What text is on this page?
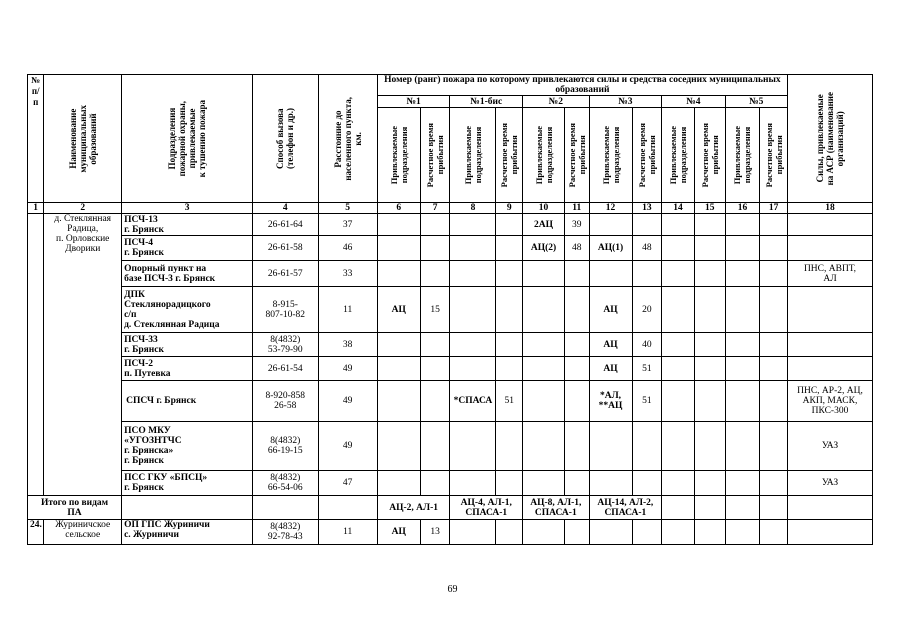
№
п/п	Наименование
муниципальных
образований	Подразделения
пожарной охраны,
привлекаемые
к тушению пожара	Способ вызова
(телефон и др.)	Расстояние до
населенного пункта,
км.	Номер (ранг) пожара по которому привлекаются силы и средства соседних муниципальных образований												Силы, привлекаемые
на АСР (наименование
организаций)

					№1		№1-бис		№2		№3		№4		№5		

					Привлекаемые
подразделения	Расчетное время
прибытия	Привлекаемые
подразделения	Расчетное время
прибытия	Привлекаемые
подразделения	Расчетное время
прибытия	Привлекаемые
подразделения	Расчетное время
прибытия	Привлекаемые
подразделения	Расчетное время
прибытия	Привлекаемые
подразделения	Расчетное время
прибытия	

1	2	3	4	5	6	7	8	9	10	11	12	13	14	15	16	17	18
	д. Стеклянная Радица,
п. Орловские Дворики	ПСЧ-13
г. Брянск	26-61-64	37					2АЦ	39							
		ПСЧ-4
г. Брянск	26-61-58	46					АЦ(2)	48	АЦ(1)	48					
		Опорный пункт на
базе ПСЧ-3 г. Брянск	26-61-57	33													ПНС, АВПТ,
АЛ
		ДПК
Стеклянорадицкого
с/п
д. Стеклянная Радица	8-915-
807-10-82	11	АЦ	15					АЦ	20					
		ПСЧ-33
г. Брянск	8(4832)
53-79-90	38							АЦ	40					
		ПСЧ-2
п. Путевка	26-61-54	49							АЦ	51					
		СПСЧ г. Брянск	8-920-858
26-58	49			*СПАСА	51			*АЛ,
**АЦ	51					ПНС, АР-2, АЦ,
АКП, МАСК,
ПКС-300
		ПСО МКУ
«УГОЗНТЧС
г. Брянска»
г. Брянск	8(4832)
66-19-15	49													УАЗ
		ПСС ГКУ «БПСЦ»
г. Брянск	8(4832)
66-54-06	47													УАЗ
Итого по видам
ПА					АЦ-2, АЛ-1		АЦ-4, АЛ-1,
СПАСА-1		АЦ-8, АЛ-1,
СПАСА-1		АЦ-14, АЛ-2,
СПАСА-1						
24.	Журиничское
сельское	ОП ГПС Журиничи
с. Журиничи	8(4832)
92-78-43	11	АЦ	13											
69
